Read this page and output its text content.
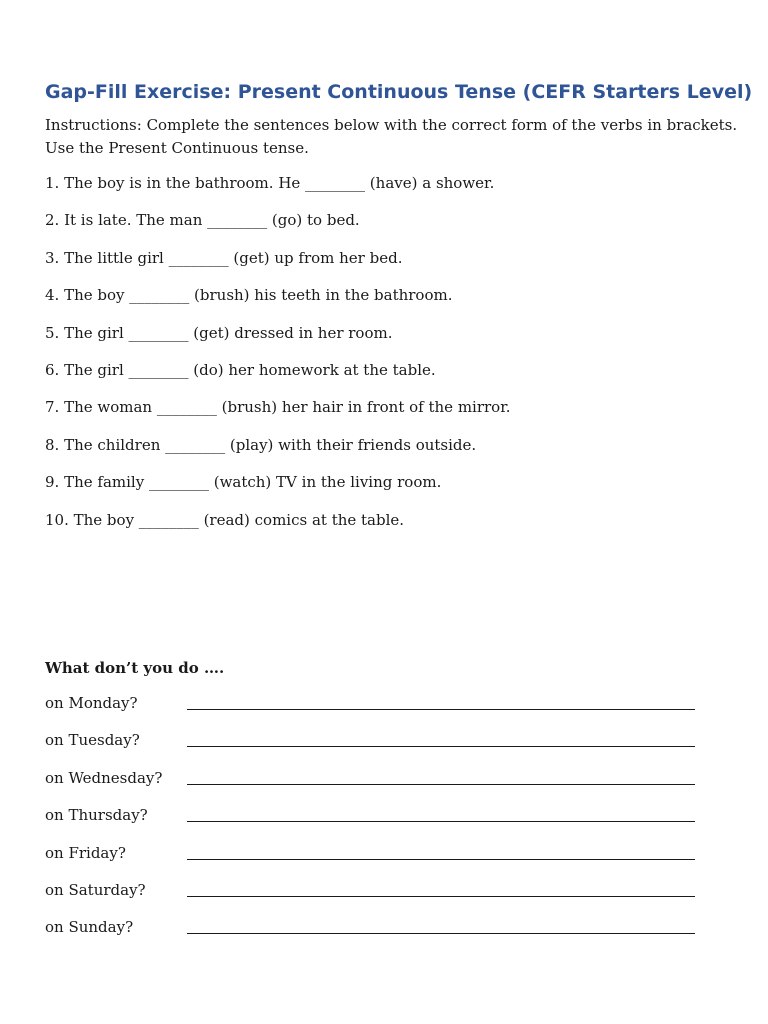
Gap-Fill Exercise: Present Continuous Tense (CEFR Starters Level)

Instructions: Complete the sentences below with the correct form of the verbs in brackets.
Use the Present Continuous tense.

1. The boy is in the bathroom. He ________ (have) a shower.
2. It is late. The man ________ (go) to bed.
3. The little girl ________ (get) up from her bed.
4. The boy ________ (brush) his teeth in the bathroom.
5. The girl ________ (get) dressed in her room.
6. The girl ________ (do) her homework at the table.
7. The woman ________ (brush) her hair in front of the mirror.
8. The children ________ (play) with their friends outside.
9. The family ________ (watch) TV in the living room.
10. The boy ________ (read) comics at the table.

What don’t you do ….

on Monday?
on Tuesday?
on Wednesday?
on Thursday?
on Friday?
on Saturday?
on Sunday?
